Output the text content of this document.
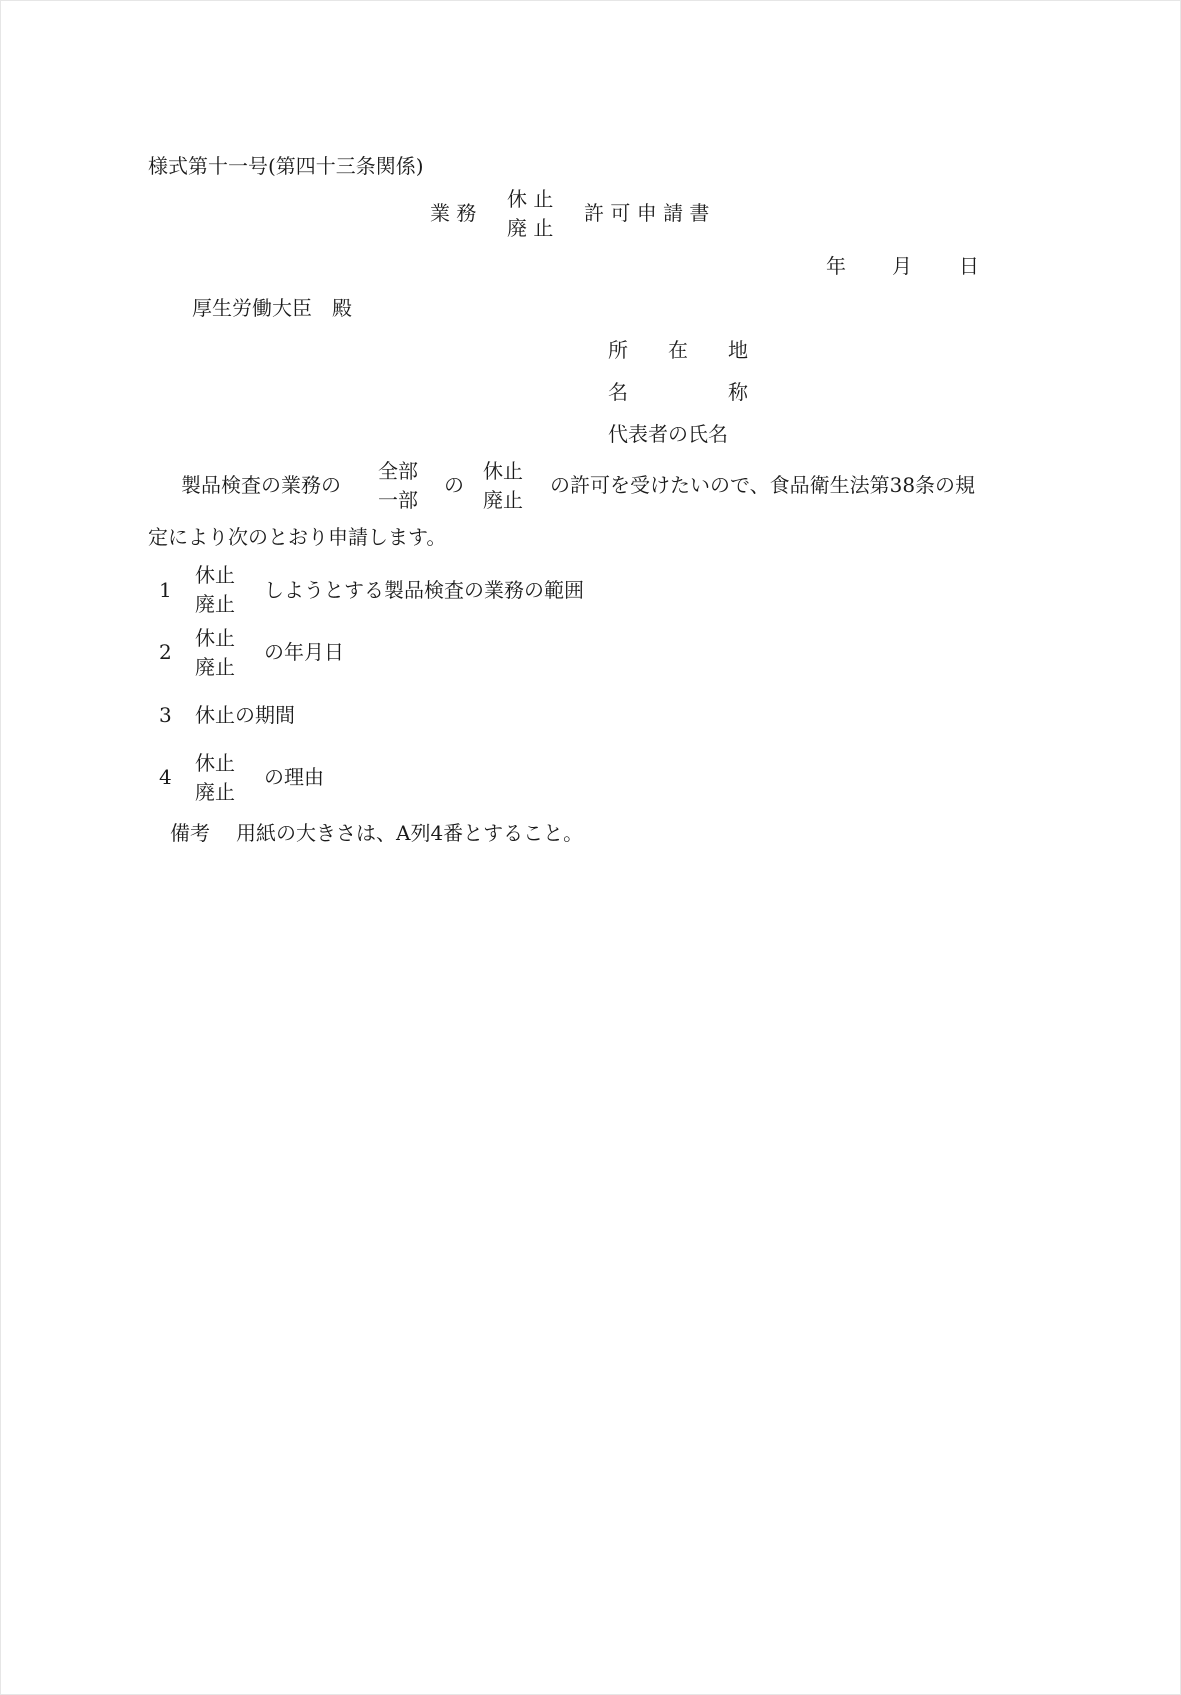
様式第十一号(第四十三条関係)
業 務
休 止
廃 止
許 可 申 請 書
年 月 日
厚生労働大臣　殿
所　　在　　地
名　　　　　称
代表者の氏名
製品検査の業務の
全部
一部
の
休止
廃止
の許可を受けたいので、食品衛生法第38条の規
定により次のとおり申請します。
1
休止
廃止
しようとする製品検査の業務の範囲
2
休止
廃止
の年月日
3 休止の期間
4
休止
廃止
の理由
備考 用紙の大きさは、A列4番とすること。
